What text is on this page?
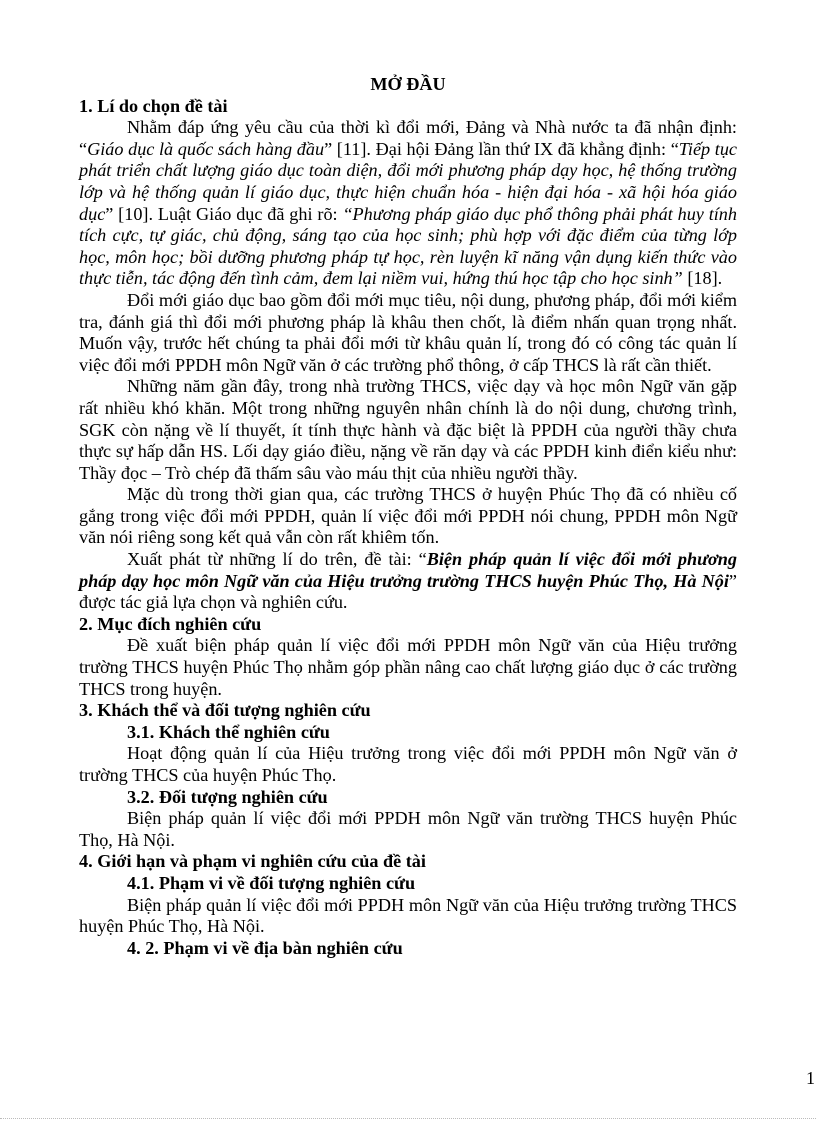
MỞ ĐẦU
1. Lí do chọn đề tài
Nhằm đáp ứng yêu cầu của thời kì đổi mới, Đảng và Nhà nước ta đã nhận định: “Giáo dục là quốc sách hàng đầu” [11]. Đại hội Đảng lần thứ IX đã khẳng định: “Tiếp tục phát triển chất lượng giáo dục toàn diện, đổi mới phương pháp dạy học, hệ thống trường lớp và hệ thống quản lí giáo dục, thực hiện chuẩn hóa - hiện đại hóa - xã hội hóa giáo dục” [10]. Luật Giáo dục đã ghi rõ: “Phương pháp giáo dục phổ thông phải phát huy tính tích cực, tự giác, chủ động, sáng tạo của học sinh; phù hợp với đặc điểm của từng lớp học, môn học; bồi dưỡng phương pháp tự học, rèn luyện kĩ năng vận dụng kiến thức vào thực tiễn, tác động đến tình cảm, đem lại niềm vui, hứng thú học tập cho học sinh” [18].
Đổi mới giáo dục bao gồm đổi mới mục tiêu, nội dung, phương pháp, đổi mới kiểm tra, đánh giá thì đổi mới phương pháp là khâu then chốt, là điểm nhấn quan trọng nhất. Muốn vậy, trước hết chúng ta phải đổi mới từ khâu quản lí, trong đó có công tác quản lí việc đổi mới PPDH môn Ngữ văn ở các trường phổ thông, ở cấp THCS là rất cần thiết.
Những năm gần đây, trong nhà trường THCS, việc dạy và học môn Ngữ văn gặp rất nhiều khó khăn. Một trong những nguyên nhân chính là do nội dung, chương trình, SGK còn nặng về lí thuyết, ít tính thực hành và đặc biệt là PPDH của người thầy chưa thực sự hấp dẫn HS. Lối dạy giáo điều, nặng về răn dạy và các PPDH kinh điển kiểu như: Thầy đọc – Trò chép đã thấm sâu vào máu thịt của nhiều người thầy.
Mặc dù trong thời gian qua, các trường THCS ở huyện Phúc Thọ đã có nhiều cố gắng trong việc đổi mới PPDH, quản lí việc đổi mới PPDH nói chung, PPDH môn Ngữ văn nói riêng song kết quả vẫn còn rất khiêm tốn.
Xuất phát từ những lí do trên, đề tài: “Biện pháp quản lí việc đổi mới phương pháp dạy học môn Ngữ văn của Hiệu trưởng trường THCS huyện Phúc Thọ, Hà Nội” được tác giả lựa chọn và nghiên cứu.
2. Mục đích nghiên cứu
Đề xuất biện pháp quản lí việc đổi mới PPDH môn Ngữ văn của Hiệu trưởng trường THCS huyện Phúc Thọ nhằm góp phần nâng cao chất lượng giáo dục ở các trường THCS trong huyện.
3. Khách thể và đối tượng nghiên cứu
3.1. Khách thể nghiên cứu
Hoạt động quản lí của Hiệu trưởng trong việc đổi mới PPDH môn Ngữ văn ở trường THCS của huyện Phúc Thọ.
3.2. Đối tượng nghiên cứu
Biện pháp quản lí việc đổi mới PPDH môn Ngữ văn trường THCS huyện Phúc Thọ, Hà Nội.
4. Giới hạn và phạm vi nghiên cứu của đề tài
4.1. Phạm vi về đối tượng nghiên cứu
Biện pháp quản lí việc đổi mới PPDH môn Ngữ văn của Hiệu trưởng trường THCS huyện Phúc Thọ, Hà Nội.
4. 2. Phạm vi về địa bàn nghiên cứu
1
